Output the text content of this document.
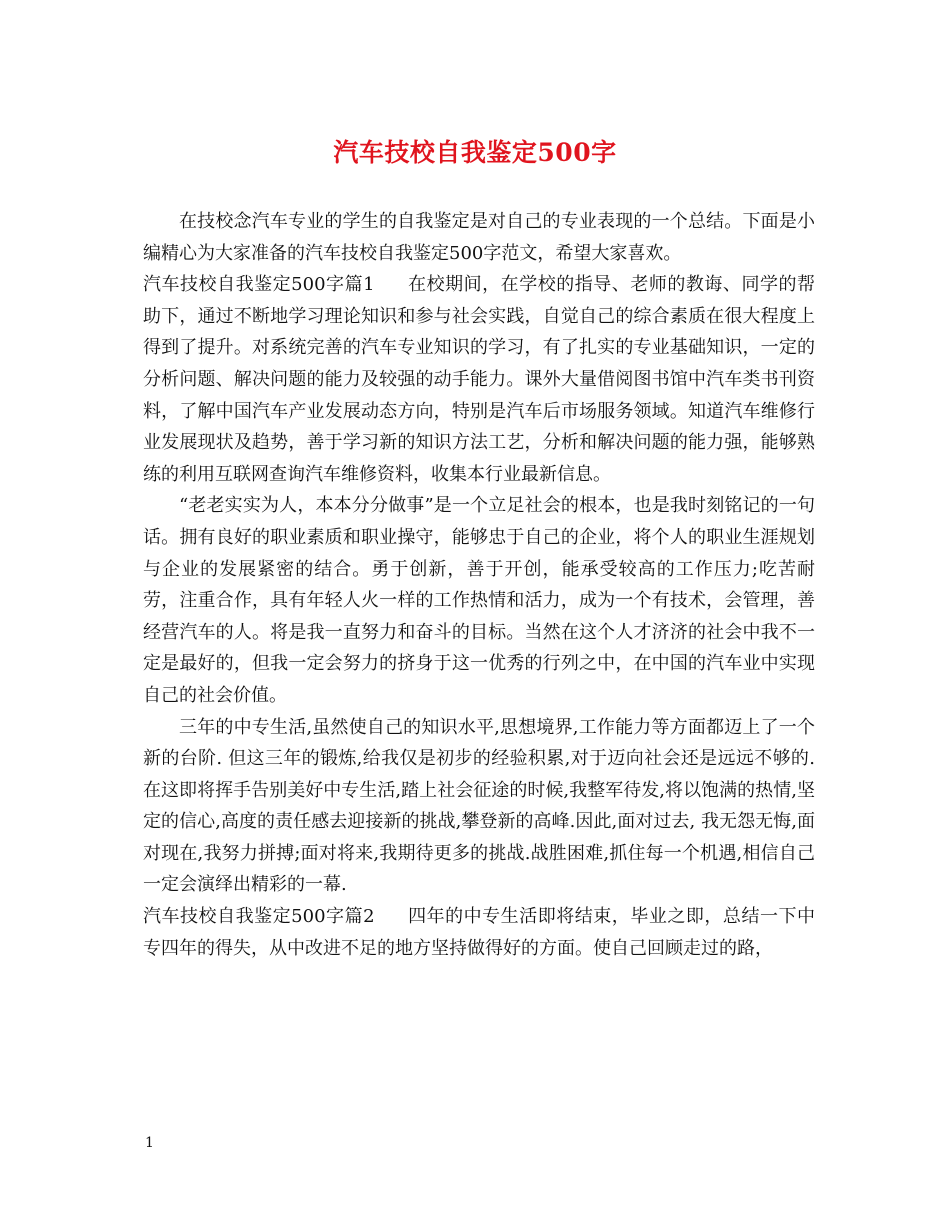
汽车技校自我鉴定500字

在技校念汽车专业的学生的自我鉴定是对自己的专业表现的一个总结。下面是小编精心为大家准备的汽车技校自我鉴定500字范文，希望大家喜欢。

汽车技校自我鉴定500字篇1 在校期间，在学校的指导、老师的教诲、同学的帮助下，通过不断地学习理论知识和参与社会实践，自觉自己的综合素质在很大程度上得到了提升。对系统完善的汽车专业知识的学习，有了扎实的专业基础知识，一定的分析问题、解决问题的能力及较强的动手能力。课外大量借阅图书馆中汽车类书刊资料，了解中国汽车产业发展动态方向，特别是汽车后市场服务领域。知道汽车维修行业发展现状及趋势，善于学习新的知识方法工艺，分析和解决问题的能力强，能够熟练的利用互联网查询汽车维修资料，收集本行业最新信息。

“老老实实为人，本本分分做事”是一个立足社会的根本，也是我时刻铭记的一句话。拥有良好的职业素质和职业操守，能够忠于自己的企业，将个人的职业生涯规划与企业的发展紧密的结合。勇于创新，善于开创，能承受较高的工作压力;吃苦耐劳，注重合作，具有年轻人火一样的工作热情和活力，成为一个有技术，会管理，善经营汽车的人。将是我一直努力和奋斗的目标。当然在这个人才济济的社会中我不一定是最好的，但我一定会努力的挤身于这一优秀的行列之中，在中国的汽车业中实现自己的社会价值。

三年的中专生活,虽然使自己的知识水平,思想境界,工作能力等方面都迈上了一个新的台阶. 但这三年的锻炼,给我仅是初步的经验积累,对于迈向社会还是远远不够的.在这即将挥手告别美好中专生活,踏上社会征途的时候,我整军待发,将以饱满的热情,坚定的信心,高度的责任感去迎接新的挑战,攀登新的高峰.因此,面对过去, 我无怨无悔,面对现在,我努力拼搏;面对将来,我期待更多的挑战.战胜困难,抓住每一个机遇,相信自己一定会演绎出精彩的一幕.

汽车技校自我鉴定500字篇2 四年的中专生活即将结束，毕业之即，总结一下中专四年的得失，从中改进不足的地方坚持做得好的方面。使自己回顾走过的路，

1
